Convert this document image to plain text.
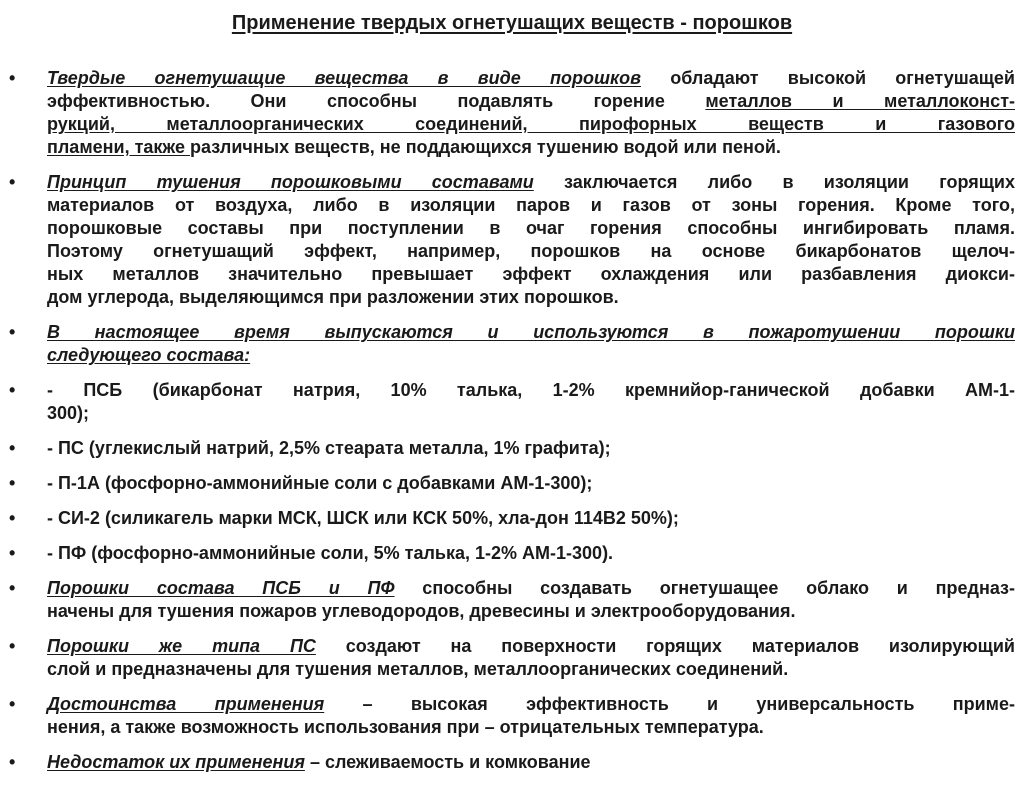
Применение твердых огнетушащих веществ - порошков
• Твердые огнетушащие вещества в виде порошков обладают высокой огнетушащей
эффективностью. Они способны подавлять горение металлов и металлоконст-
рукций, металлоорганических соединений, пирофорных веществ и газового
пламени, также различных веществ, не поддающихся тушению водой или пеной.
• Принцип тушения порошковыми составами заключается либо в изоляции горящих
материалов от воздуха, либо в изоляции паров и газов от зоны горения. Кроме того,
порошковые составы при поступлении в очаг горения способны ингибировать пламя.
Поэтому огнетушащий эффект, например, порошков на основе бикарбонатов щелоч-
ных металлов значительно превышает эффект охлаждения или разбавления диокси-
дом углерода, выделяющимся при разложении этих порошков.
• В настоящее время выпускаются и используются в пожаротушении порошки
следующего состава:
• - ПСБ (бикарбонат натрия, 10% талька, 1-2% кремнийор-ганической добавки АМ-1-
300);
• - ПС (углекислый натрий, 2,5% стеарата металла, 1% графита);
• - П-1А (фосфорно-аммонийные соли с добавками АМ-1-300);
• - СИ-2 (силикагель марки МСК, ШСК или КСК 50%, хла-дон 114В2 50%);
• - ПФ (фосфорно-аммонийные соли, 5% талька, 1-2% АМ-1-300).
• Порошки состава ПСБ и ПФ способны создавать огнетушащее облако и предназ-
начены для тушения пожаров углеводородов, древесины и электрооборудования.
• Порошки же типа ПС создают на поверхности горящих материалов изолирующий
слой и предназначены для тушения металлов, металлоорганических соединений.
• Достоинства применения – высокая эффективность и универсальность приме-
нения, а также возможность использования при – отрицательных температура.
• Недостаток их применения – слеживаемость и комкование
